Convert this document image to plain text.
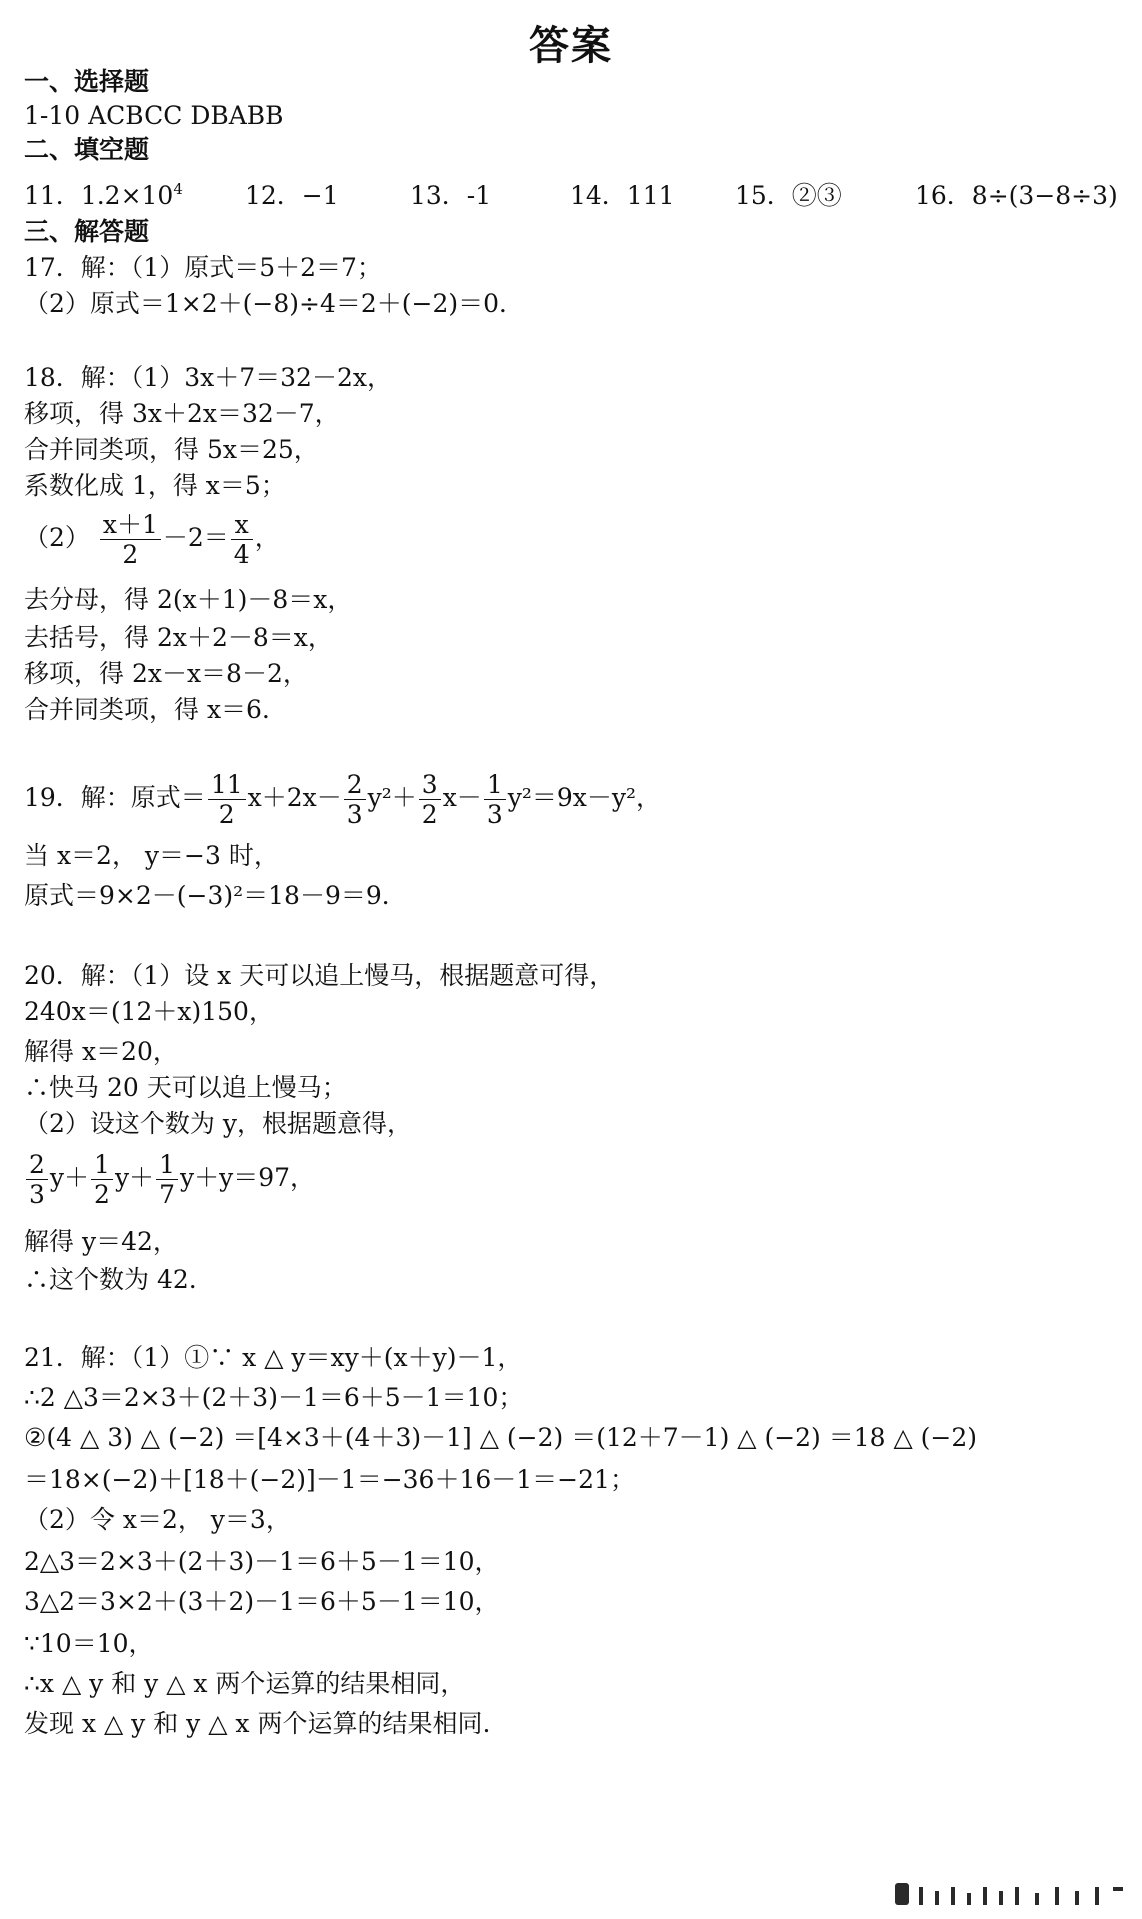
答案
一、选择题
1-10 ACBCC DBABB
二、填空题
11．$1.2\times 10^4$ 12．−1	13．-1	14．111 15．②③	16．8÷(3−8÷3)
三、解答题
17．解：（1）原式＝5＋2＝7；
（2）原式＝1×2＋(−8)÷4＝2＋(−2)＝0．
18．解：（1）3x＋7＝32－2x，
移项，得 3x＋2x＝32－7，
合并同类项，得 5x＝25，
系数化成 1，得 x＝5；
$(2) \frac{x+1}{2} -2= \frac{x}{4}$ ，
去分母，得 2(x＋1)－8＝x，
去括号，得 2x＋2－8＝x，
移项，得 2x－x＝8－2，
合并同类项，得 x＝6．
19．解：原式＝ $\frac{11}{2} x+2x- \frac{2}{3} y^2+ \frac{3}{2} x- \frac{1}{3} y^2=9x-y^2$，
当 x＝2， y＝−3 时，
原式＝9×2－(−3)²＝18－9＝9．
20．解：（1）设 x 天可以追上慢马，根据题意可得，
240x＝(12＋x)150，
解得 x＝20，
∴快马 20 天可以追上慢马；
（2）设这个数为 y，根据题意得，
$\frac{2}{3} y+ \frac{1}{2} y+ \frac{1}{7} y+y=97$，
解得 y＝42，
∴这个数为 42.
21．解：（1）①∵ x △ y＝xy＋(x＋y)－1，
∴2 △3＝2×3＋(2＋3)－1＝6＋5－1＝10；
②(4 △ 3) △ (−2) ＝[4×3＋(4＋3)－1] △ (−2) ＝(12＋7－1) △ (−2) ＝18 △ (−2)
＝18×(−2)＋[18＋(−2)]－1＝−36＋16－1＝−21；
（2）令 x＝2， y＝3，
2△3＝2×3＋(2＋3)－1＝6＋5－1＝10，
3△2＝3×2＋(3＋2)－1＝6＋5－1＝10，
∵10＝10，
∴x △ y 和 y △ x 两个运算的结果相同，
发现 x △ y 和 y △ x 两个运算的结果相同.
